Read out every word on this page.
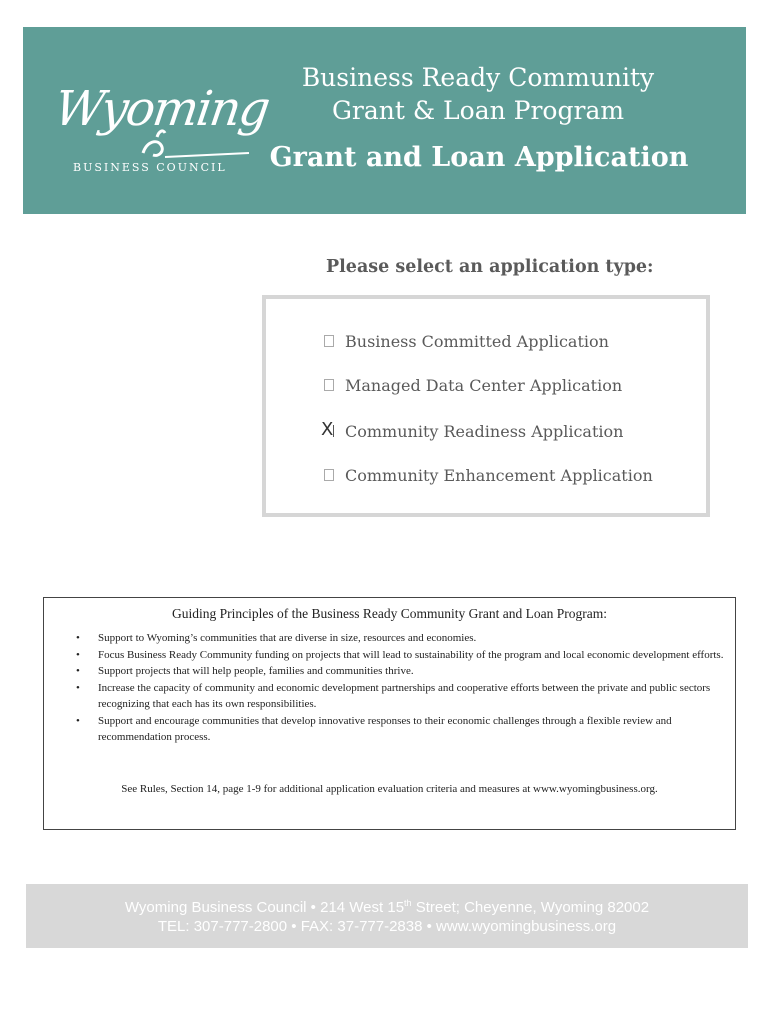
Wyoming
BUSINESS COUNCIL
Business Ready Community
Grant & Loan Program
Grant and Loan Application
Please select an application type:
Business Committed Application
Managed Data Center Application
X Community Readiness Application
Community Enhancement Application
Guiding Principles of the Business Ready Community Grant and Loan Program:
• Support to Wyoming’s communities that are diverse in size, resources and economies.
• Focus Business Ready Community funding on projects that will lead to sustainability of the program and local economic development efforts.
• Support projects that will help people, families and communities thrive.
• Increase the capacity of community and economic development partnerships and cooperative efforts between the private and public sectors recognizing that each has its own responsibilities.
• Support and encourage communities that develop innovative responses to their economic challenges through a flexible review and recommendation process.
See Rules, Section 14, page 1-9 for additional application evaluation criteria and measures at www.wyomingbusiness.org.
Wyoming Business Council • 214 West 15th Street; Cheyenne, Wyoming 82002
TEL: 307-777-2800 • FAX: 37-777-2838 • www.wyomingbusiness.org
